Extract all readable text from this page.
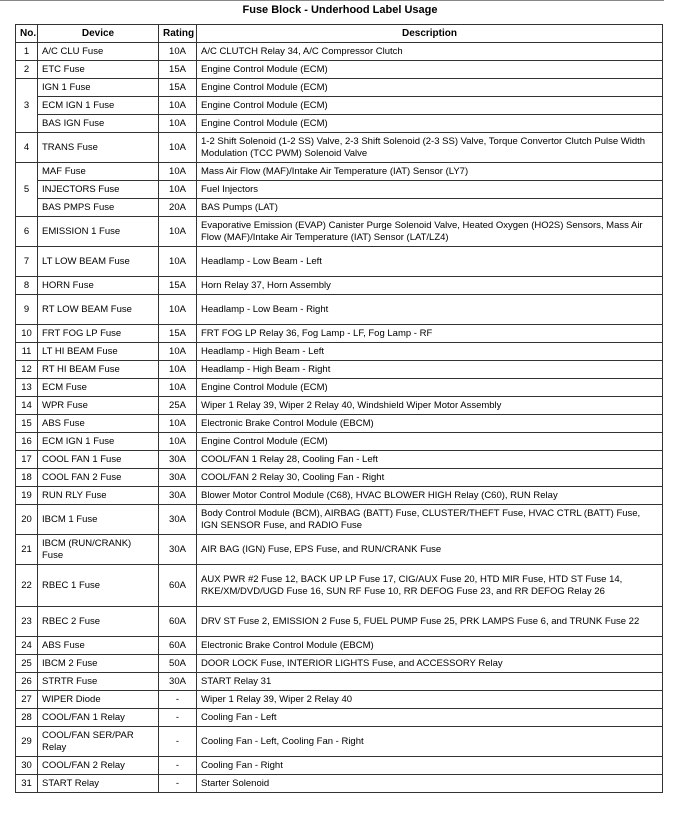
Fuse Block - Underhood Label Usage
No.	Device	Rating	Description
1	A/C CLU Fuse	10A	A/C CLUTCH Relay 34, A/C Compressor Clutch
2	ETC Fuse	15A	Engine Control Module (ECM)
3	IGN 1 Fuse	15A	Engine Control Module (ECM)
	ECM IGN 1 Fuse	10A	Engine Control Module (ECM)
	BAS IGN Fuse	10A	Engine Control Module (ECM)
4	TRANS Fuse	10A	1-2 Shift Solenoid (1-2 SS) Valve, 2-3 Shift Solenoid (2-3 SS) Valve, Torque Convertor Clutch Pulse Width Modulation (TCC PWM) Solenoid Valve
5	MAF Fuse	10A	Mass Air Flow (MAF)/Intake Air Temperature (IAT) Sensor (LY7)
	INJECTORS Fuse	10A	Fuel Injectors
	BAS PMPS Fuse	20A	BAS Pumps (LAT)
6	EMISSION 1 Fuse	10A	Evaporative Emission (EVAP) Canister Purge Solenoid Valve, Heated Oxygen (HO2S) Sensors, Mass Air Flow (MAF)/Intake Air Temperature (IAT) Sensor (LAT/LZ4)
7	LT LOW BEAM Fuse	10A	Headlamp - Low Beam - Left
8	HORN Fuse	15A	Horn Relay 37, Horn Assembly
9	RT LOW BEAM Fuse	10A	Headlamp - Low Beam - Right
10	FRT FOG LP Fuse	15A	FRT FOG LP Relay 36, Fog Lamp - LF, Fog Lamp - RF
11	LT HI BEAM Fuse	10A	Headlamp - High Beam - Left
12	RT HI BEAM Fuse	10A	Headlamp - High Beam - Right
13	ECM Fuse	10A	Engine Control Module (ECM)
14	WPR Fuse	25A	Wiper 1 Relay 39, Wiper 2 Relay 40, Windshield Wiper Motor Assembly
15	ABS Fuse	10A	Electronic Brake Control Module (EBCM)
16	ECM IGN 1 Fuse	10A	Engine Control Module (ECM)
17	COOL FAN 1 Fuse	30A	COOL/FAN 1 Relay 28, Cooling Fan - Left
18	COOL FAN 2 Fuse	30A	COOL/FAN 2 Relay 30, Cooling Fan - Right
19	RUN RLY Fuse	30A	Blower Motor Control Module (C68), HVAC BLOWER HIGH Relay (C60), RUN Relay
20	IBCM 1 Fuse	30A	Body Control Module (BCM), AIRBAG (BATT) Fuse, CLUSTER/THEFT Fuse, HVAC CTRL (BATT) Fuse, IGN SENSOR Fuse, and RADIO Fuse
21	IBCM (RUN/CRANK) Fuse	30A	AIR BAG (IGN) Fuse, EPS Fuse, and RUN/CRANK Fuse
22	RBEC 1 Fuse	60A	AUX PWR #2 Fuse 12, BACK UP LP Fuse 17, CIG/AUX Fuse 20, HTD MIR Fuse, HTD ST Fuse 14, RKE/XM/DVD/UGD Fuse 16, SUN RF Fuse 10, RR DEFOG Fuse 23, and RR DEFOG Relay 26
23	RBEC 2 Fuse	60A	DRV ST Fuse 2, EMISSION 2 Fuse 5, FUEL PUMP Fuse 25, PRK LAMPS Fuse 6, and TRUNK Fuse 22
24	ABS Fuse	60A	Electronic Brake Control Module (EBCM)
25	IBCM 2 Fuse	50A	DOOR LOCK Fuse, INTERIOR LIGHTS Fuse, and ACCESSORY Relay
26	STRTR Fuse	30A	START Relay 31
27	WIPER Diode	-	Wiper 1 Relay 39, Wiper 2 Relay 40
28	COOL/FAN 1 Relay	-	Cooling Fan - Left
29	COOL/FAN SER/PAR Relay	-	Cooling Fan - Left, Cooling Fan - Right
30	COOL/FAN 2 Relay	-	Cooling Fan - Right
31	START Relay	-	Starter Solenoid
